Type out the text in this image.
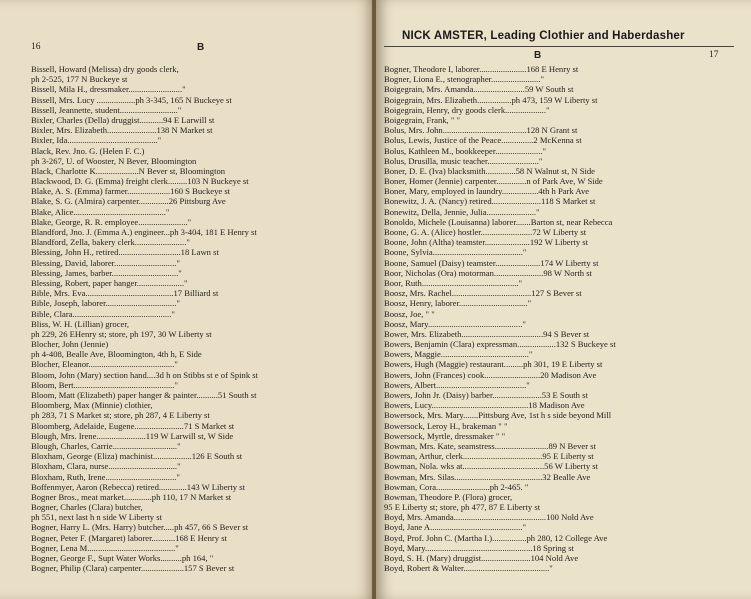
16	B
Bissell, Howard (Melissa) dry goods clerk,
ph 2-525, 177 N Buckeye st
Bissell, Mila H., dressmaker........................."
Bissell, Mrs. Lucy ..................ph 3-345, 165 N Buckeye st
Bissell, Jeannette, student..........................."
Bixler, Charles (Della) druggist...........94 E Larwill st
Bixler, Mrs. Elizabeth.......................138 N Market st
Bixler, Ida.........................................."
Black, Rev. Jno. G. (Helen F. C.)
ph 3-267, U. of Wooster, N Bever, Bloomington
Black, Charlotte K....................N Bever st, Bloomington
Blackwood, D. G. (Emma) freight clerk.........103 N Buckeye st
Blake, A. S. (Emma) farmer....................160 S Buckeye st
Blake, S. G. (Almira) carpenter..............26 Pittsburg Ave
Blake, Alice..........................................."
Blake, George, R. R. employee......................."
Blandford, Jno. J. (Emma A.) engineer...ph 3-404, 181 E Henry st
Blandford, Zella, bakery clerk........................"
Blessing, John H., retired.............................18 Lawn st
Blessing, David, laborer............................."
Blessing, James, barber..............................."
Blessing, Robert, paper hanger......................"
Bible, Mrs. Eva.........................................17 Billiard st
Bible, Joseph, laborer................................."
Bible, Clara.............................................."
Bliss, W. H. (Lillian) grocer,
ph 229, 26 EHenry st; store, ph 197, 30 W Liberty st
Blocher, John (Jennie)
ph 4-408, Bealle Ave, Bloomington, 4th h, E Side
Blocher, Eleanor........................................"
Bloom, John (Mary) section hand....3d h on Stibbs st e of Spink st
Bloom, Bert..............................................."
Bloom, Matt (Elizabeth) paper hanger & painter..........51 South st
Bloomberg, Max (Minnie) clothier,
ph 283, 71 S Market st; store, ph 287, 4 E Liberty st
Bloomberg, Adelaide, Eugene.......................71 S Market st
Blough, Mrs. Irene.......................119 W Larwill st, W Side
Blough, Charles, Carrie.............................."
Bloxham, George (Eliza) machinist..................126 E South st
Bloxham, Clara, nurse................................"
Bloxham, Ruth, Irene................................."
Boffenmyer, Aaron (Rebecca) retired.............143 W Liberty st
Bogner Bros., meat market.............ph 110, 17 N Market st
Bogner, Charles (Clara) butcher,
ph 551, next last h n side W Liberty st
Bogner, Harry L. (Mrs. Harry) butcher.....ph 457, 66 S Bever st
Bogner, Peter F. (Margaret) laborer...........168 E Henry st
Bogner, Lena M........................................."
Bogner, George F., Supt Water Works..........ph 164, "
Bogner, Philip (Clara) carpenter....................157 S Bever st
NICK AMSTER, Leading Clothier and Haberdasher
B	17
Bogner, Theodore I, laborer......................168 E Henry st
Bogner, Liona E., stenographer......................."
Boigegrain, Mrs. Amanda........................59 W South st
Boigegrain, Mrs. Elizabeth................ph 473, 159 W Liberty st
Boigegrain, Henry, dry goods clerk..................."
Boigegrain, Frank, " "
Bolus, Mrs. John.......................................128 N Grant st
Bolus, Lewis, Justice of the Peace...............2 McKenna st
Bolus, Kathleen M., bookkeeper......................"
Bolus, Drusilla, music teacher........................"
Boner, D. E. (Iva) blacksmith..............58 N Walnut st, N Side
Boner, Homer (Jennie) carpenter..............n of Park Ave, W Side
Boner, Mary, employed in laundry.................4th h Park Ave
Bonewitz, J. A. (Nancy) retired.......................118 S Market st
Bonewitz, Della, Jennie, Julia......................."
Bonoldo, Michele (Louisanna) laborer.......Barton st, near Rebecca
Boone, G. A. (Alice) hostler........................72 W Liberty st
Boone, John (Altha) teamster.....................192 W Liberty st
Boone, Sylvia.........................................."
Boone, Samuel (Daisy) teamster.....................174 W Liberty st
Boor, Nicholas (Ora) motorman.......................98 W North st
Boor, Ruth............................................."
Boosz, Mrs. Rachel.....................................127 S Bever st
Boosz, Henry, laborer................................"
Boosz, Joe, " "
Boosz, Mary............................................"
Bower, Mrs. Elizabeth......................................94 S Bever st
Bowers, Benjamin (Clara) expressman..................132 S Buckeye st
Bowers, Maggie........................................."
Bowers, Hugh (Maggie) restaurant.........ph 301, 19 E Liberty st
Bowers, John (Frances) cook..........................20 Madison Ave
Bowers, Albert.........................................."
Bowers, John Jr. (Daisy) barber.......................53 E South st
Bowers, Lucy.............................................18 Madison Ave
Bowersock, Mrs. Mary.......Pittsburg Ave, 1st h s side beyond Mill
Bowersock, Leroy H., brakeman " "
Bowersock, Myrtle, dressmaker " "
Bowman, Mrs. Kate, seamstress.........................89 N Bever st
Bowman, Arthur, clerk.....................................95 E Liberty st
Bowman, Nola. wks at......................................56 W Liberty st
Bowman, Mrs. Silas.........................................32 Bealle Ave
Bowman, Cora.........................ph 2-465. "
Bowman, Theodore P. (Flora) grocer,
95 E Liberty st; store, ph 477, 87 E Liberty st
Boyd, Mrs. Amanda...........................................100 Nold Ave
Boyd, Jane A..........................................."
Boyd, Prof. John C. (Martha I.)................ph 280, 12 College Ave
Boyd, Mary..................................................18 Spring st
Boyd, S. H. (Mary) druggist.......................104 Nold Ave
Boyd, Robert & Walter........................................"
